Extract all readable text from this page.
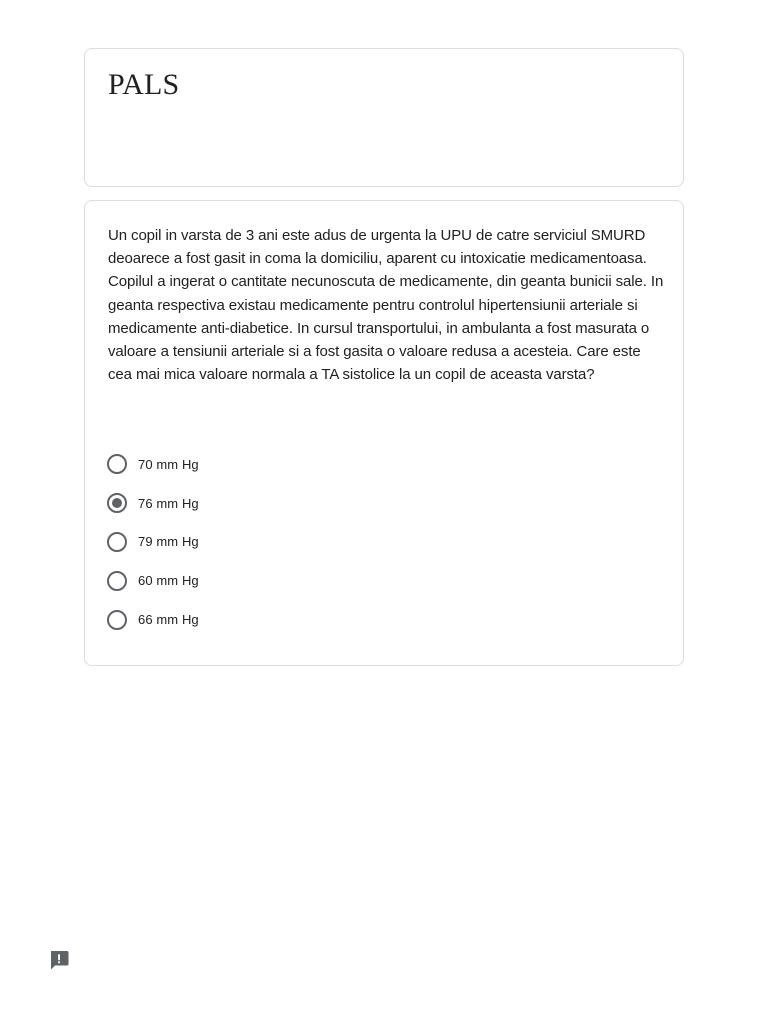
PALS

Un copil in varsta de 3 ani este adus de urgenta la UPU de catre serviciul SMURD deoarece a fost gasit in coma la domiciliu, aparent cu intoxicatie medicamentoasa. Copilul a ingerat o cantitate necunoscuta de medicamente, din geanta bunicii sale. In geanta respectiva existau medicamente pentru controlul hipertensiunii arteriale si medicamente anti-diabetice. In cursul transportului, in ambulanta a fost masurata o valoare a tensiunii arteriale si a fost gasita o valoare redusa a acesteia. Care este cea mai mica valoare normala a TA sistolice la un copil de aceasta varsta?

70 mm Hg
76 mm Hg
79 mm Hg
60 mm Hg
66 mm Hg
